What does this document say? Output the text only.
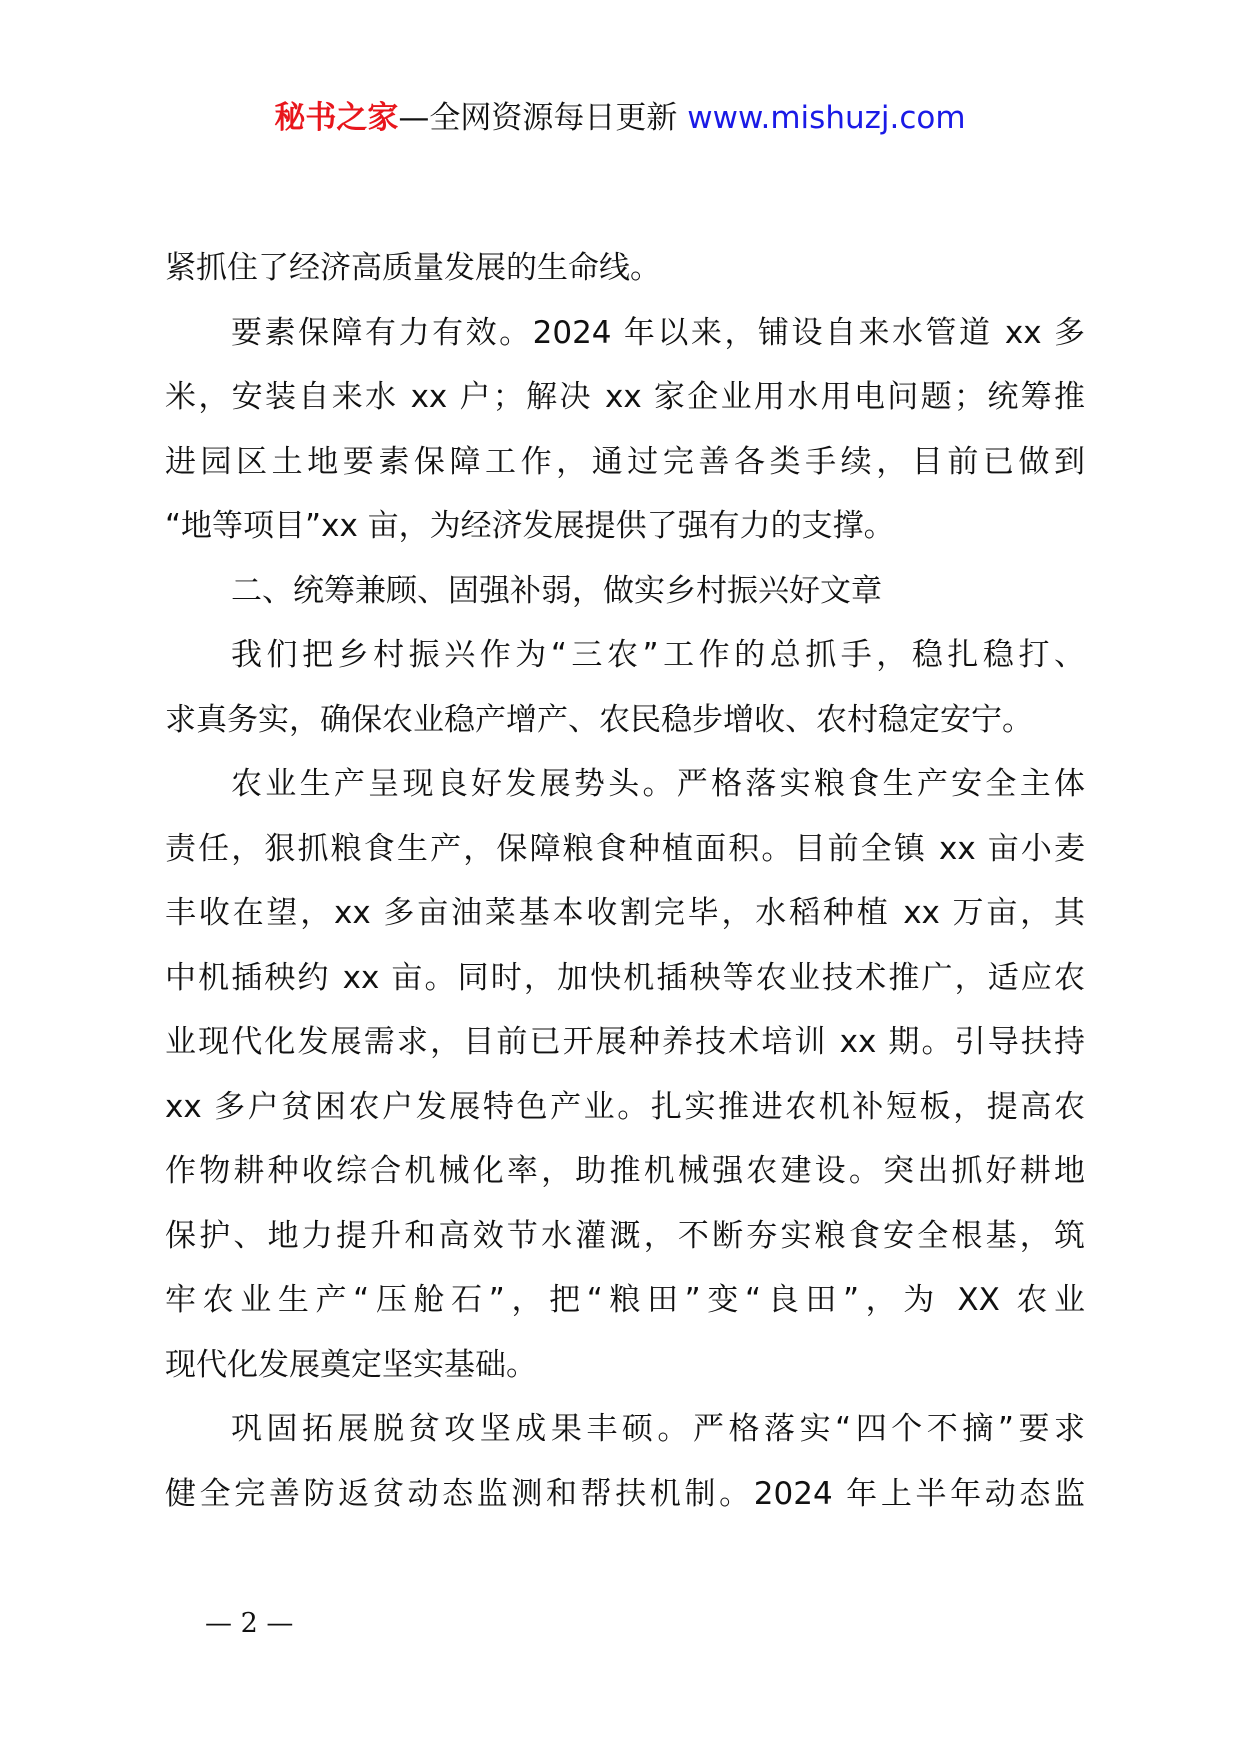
秘书之家—全网资源每日更新 www.mishuzj.com
紧抓住了经济高质量发展的生命线。
要素保障有力有效。2024 年以来，铺设自来水管道 xx 多
米，安装自来水 xx 户；解决 xx 家企业用水用电问题；统筹推
进园区土地要素保障工作，通过完善各类手续，目前已做到
“地等项目”xx 亩，为经济发展提供了强有力的支撑。
二、统筹兼顾、固强补弱，做实乡村振兴好文章
我们把乡村振兴作为“三农”工作的总抓手，稳扎稳打、
求真务实，确保农业稳产增产、农民稳步增收、农村稳定安宁。
农业生产呈现良好发展势头。严格落实粮食生产安全主体
责任，狠抓粮食生产，保障粮食种植面积。目前全镇 xx 亩小麦
丰收在望，xx 多亩油菜基本收割完毕，水稻种植 xx 万亩，其
中机插秧约 xx 亩。同时，加快机插秧等农业技术推广，适应农
业现代化发展需求，目前已开展种养技术培训 xx 期。引导扶持
xx 多户贫困农户发展特色产业。扎实推进农机补短板，提高农
作物耕种收综合机械化率，助推机械强农建设。突出抓好耕地
保护、地力提升和高效节水灌溉，不断夯实粮食安全根基，筑
牢农业生产“压舱石”，把“粮田”变“良田”，为 XX 农业
现代化发展奠定坚实基础。
巩固拓展脱贫攻坚成果丰硕。严格落实“四个不摘”要求
健全完善防返贫动态监测和帮扶机制。2024 年上半年动态监
— 2 —
